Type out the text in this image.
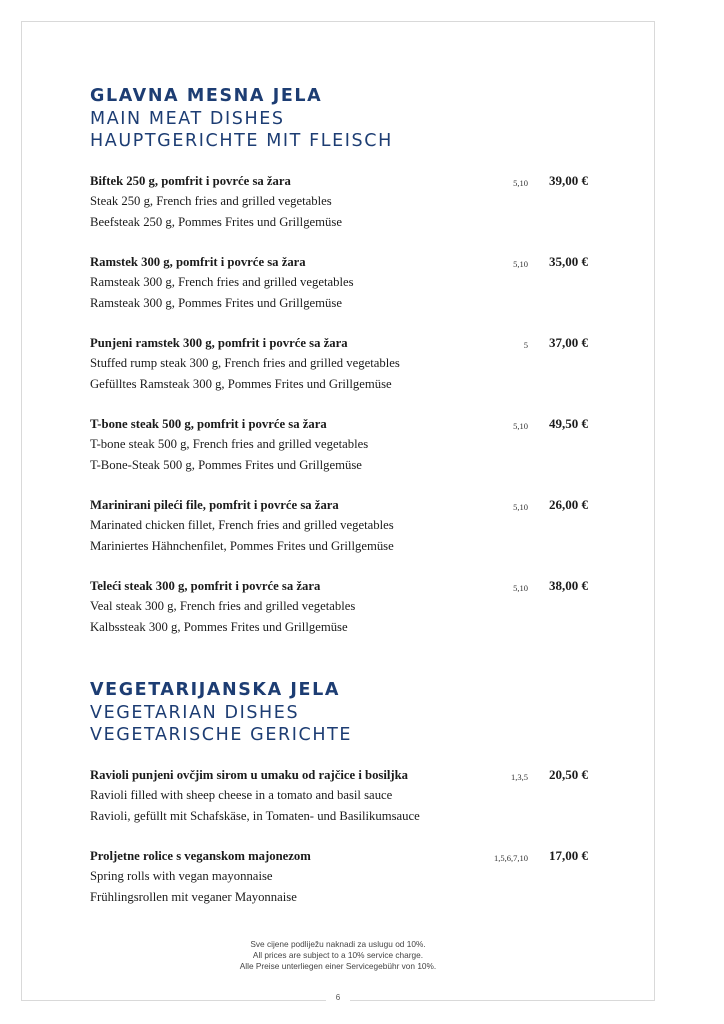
6
GLAVNA MESNA JELA
MAIN MEAT DISHES
HAUPTGERICHTE MIT FLEISCH
Biftek 250 g, pomfrit i povrće sa žara
Steak 250 g, French fries and grilled vegetables
Beefsteak 250 g, Pommes Frites und Grillgemüse
5,10 39,00 €
Ramstek 300 g, pomfrit i povrće sa žara
Ramsteak 300 g, French fries and grilled vegetables
Ramsteak 300 g, Pommes Frites und Grillgemüse
5,10 35,00 €
Punjeni ramstek 300 g, pomfrit i povrće sa žara
Stuffed rump steak 300 g, French fries and grilled vegetables
Gefülltes Ramsteak 300 g, Pommes Frites und Grillgemüse
5 37,00 €
T-bone steak 500 g, pomfrit i povrće sa žara
T-bone steak 500 g, French fries and grilled vegetables
T-Bone-Steak 500 g, Pommes Frites und Grillgemüse
5,10 49,50 €
Marinirani pileći file, pomfrit i povrće sa žara
Marinated chicken fillet, French fries and grilled vegetables
Mariniertes Hähnchenfilet, Pommes Frites und Grillgemüse
5,10 26,00 €
Teleći steak 300 g, pomfrit i povrće sa žara
Veal steak 300 g, French fries and grilled vegetables
Kalbssteak 300 g, Pommes Frites und Grillgemüse
5,10 38,00 €
VEGETARIJANSKA JELA
VEGETARIAN DISHES
VEGETARISCHE GERICHTE
Ravioli punjeni ovčjim sirom u umaku od rajčice i bosiljka
Ravioli filled with sheep cheese in a tomato and basil sauce
Ravioli, gefüllt mit Schafskäse, in Tomaten- und Basilikumsauce
1,3,5 20,50 €
Proljetne rolice s veganskom majonezom
Spring rolls with vegan mayonnaise
Frühlingsrollen mit veganer Mayonnaise
1,5,6,7,10 17,00 €
Sve cijene podliježu naknadi za uslugu od 10%.
All prices are subject to a 10% service charge.
Alle Preise unterliegen einer Servicegebühr von 10%.
